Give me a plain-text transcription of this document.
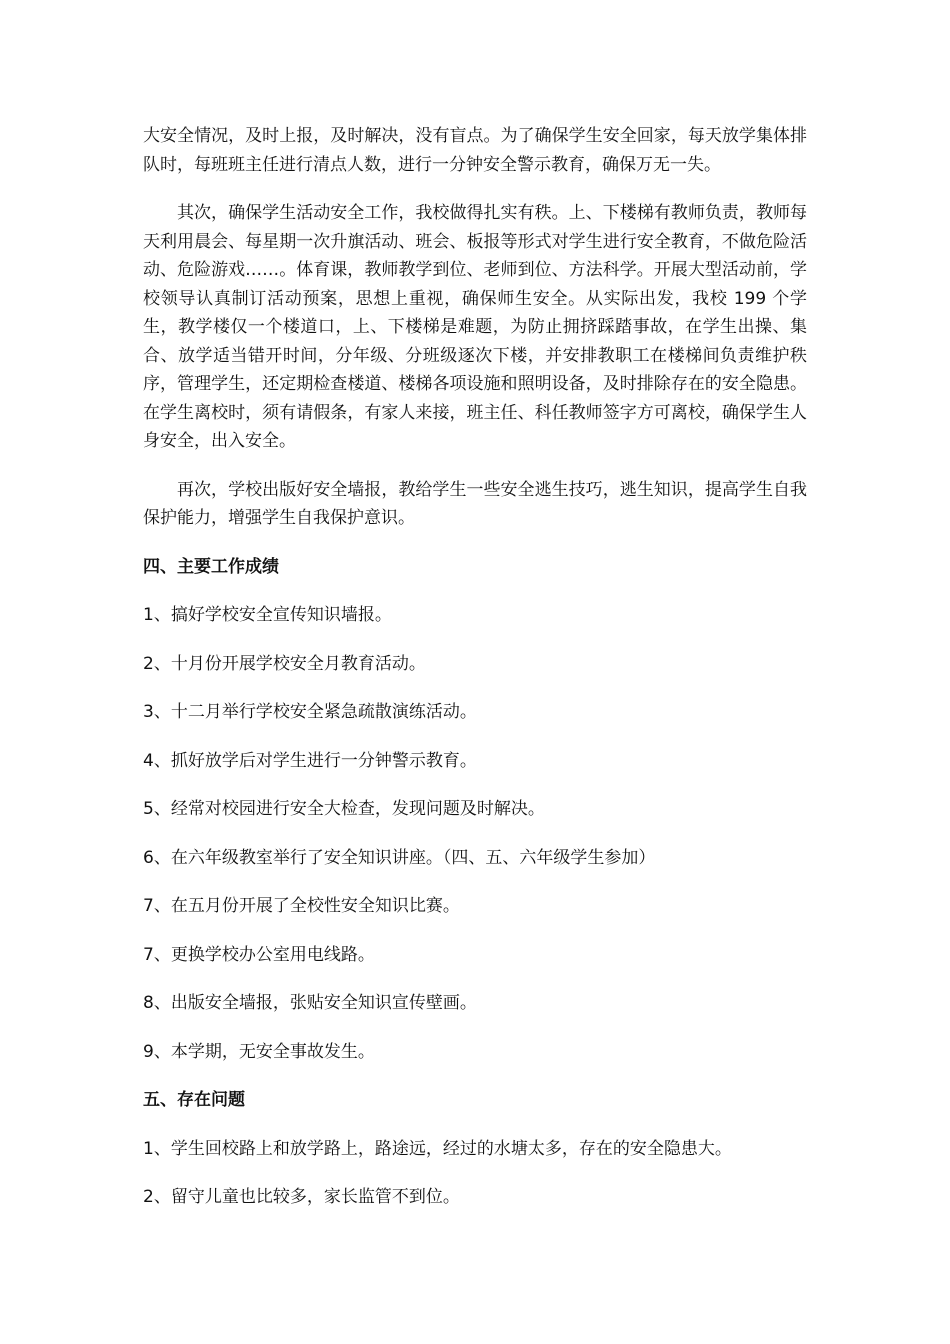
大安全情况，及时上报，及时解决，没有盲点。为了确保学生安全回家，每天放学集体排队时，每班班主任进行清点人数，进行一分钟安全警示教育，确保万无一失。

其次，确保学生活动安全工作，我校做得扎实有秩。上、下楼梯有教师负责，教师每天利用晨会、每星期一次升旗活动、班会、板报等形式对学生进行安全教育，不做危险活动、危险游戏……。体育课，教师教学到位、老师到位、方法科学。开展大型活动前，学校领导认真制订活动预案，思想上重视，确保师生安全。从实际出发，我校 199 个学生，教学楼仅一个楼道口，上、下楼梯是难题，为防止拥挤踩踏事故，在学生出操、集合、放学适当错开时间，分年级、分班级逐次下楼，并安排教职工在楼梯间负责维护秩序，管理学生，还定期检查楼道、楼梯各项设施和照明设备，及时排除存在的安全隐患。在学生离校时，须有请假条，有家人来接，班主任、科任教师签字方可离校，确保学生人身安全，出入安全。

再次，学校出版好安全墙报，教给学生一些安全逃生技巧，逃生知识，提高学生自我保护能力，增强学生自我保护意识。

四、主要工作成绩

1、搞好学校安全宣传知识墙报。

2、十月份开展学校安全月教育活动。

3、十二月举行学校安全紧急疏散演练活动。

4、抓好放学后对学生进行一分钟警示教育。

5、经常对校园进行安全大检查，发现问题及时解决。

6、在六年级教室举行了安全知识讲座。（四、五、六年级学生参加）

7、在五月份开展了全校性安全知识比赛。

7、更换学校办公室用电线路。

8、出版安全墙报，张贴安全知识宣传壁画。

9、本学期，无安全事故发生。

五、存在问题

1、学生回校路上和放学路上，路途远，经过的水塘太多，存在的安全隐患大。

2、留守儿童也比较多，家长监管不到位。
